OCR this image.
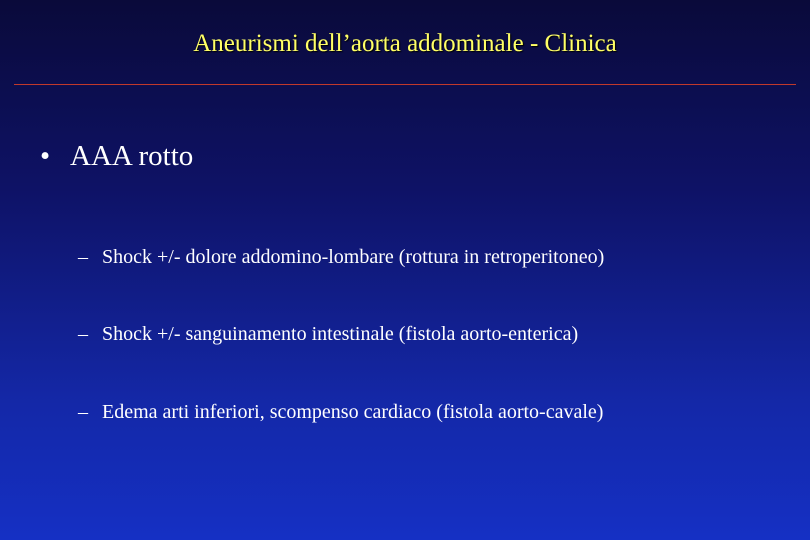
Aneurismi dell’aorta addominale - Clinica
• AAA rotto
– Shock +/- dolore addomino-lombare (rottura in retroperitoneo)
– Shock +/- sanguinamento intestinale (fistola aorto-enterica)
– Edema arti inferiori, scompenso cardiaco (fistola aorto-cavale)
